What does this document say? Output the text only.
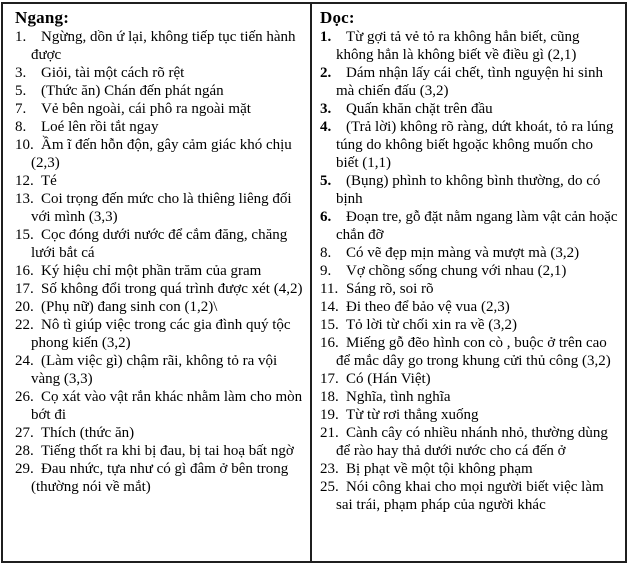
Ngang:
1. Ngừng, dồn ứ lại, không tiếp tục tiến hành được
3. Giỏi, tài một cách rõ rệt
5. (Thức ăn) Chán đến phát ngán
7. Vẻ bên ngoài, cái phô ra ngoài mặt
8. Loé lên rồi tắt ngay
10. Ầm ĩ đến hỗn độn, gây cảm giác khó chịu (2,3)
12. Té
13. Coi trọng đến mức cho là thiêng liêng đối với mình (3,3)
15. Cọc đóng dưới nước để cắm đăng, chăng lưới bắt cá
16. Ký hiệu chỉ một phần trăm của gram
17. Số không đổi trong quá trình được xét (4,2)
20. (Phụ nữ) đang sinh con (1,2)\
22. Nô tì giúp việc trong các gia đình quý tộc phong kiến (3,2)
24. (Làm việc gì) chậm rãi, không tỏ ra vội vàng (3,3)
26. Cọ xát vào vật rắn khác nhằm làm cho mòn bớt đi
27. Thích (thức ăn)
28. Tiếng thốt ra khi bị đau, bị tai hoạ bất ngờ
29. Đau nhức, tựa như có gì đâm ở bên trong (thường nói về mắt)
Dọc:
1. Từ gợi tả vẻ tỏ ra không hẳn biết, cũng không hẳn là không biết về điều gì (2,1)
2. Dám nhận lấy cái chết, tình nguyện hi sinh mà chiến đấu (3,2)
3. Quấn khăn chặt trên đầu
4. (Trả lời) không rõ ràng, dứt khoát, tỏ ra lúng túng do không biết hgoặc không muốn cho biết (1,1)
5. (Bụng) phình to không bình thường, do có bịnh
6. Đoạn tre, gỗ đặt nằm ngang làm vật cản hoặc chắn đỡ
8. Có vẽ đẹp mịn màng và mượt mà (3,2)
9. Vợ chồng sống chung với nhau (2,1)
11. Sáng rõ, soi rõ
14. Đi theo để bảo vệ vua (2,3)
15. Tỏ lời từ chối xin ra về (3,2)
16. Miếng gỗ đẽo hình con cò , buộc ở trên cao để mắc dây go trong khung cửi thủ công (3,2)
17. Có (Hán Việt)
18. Nghĩa, tình nghĩa
19. Từ từ rơi thẳng xuống
21. Cành cây có nhiều nhánh nhỏ, thường dùng để rào hay thả dưới nước cho cá đến ở
23. Bị phạt về một tội không phạm
25. Nói công khai cho mọi người biết việc làm sai trái, phạm pháp của người khác
